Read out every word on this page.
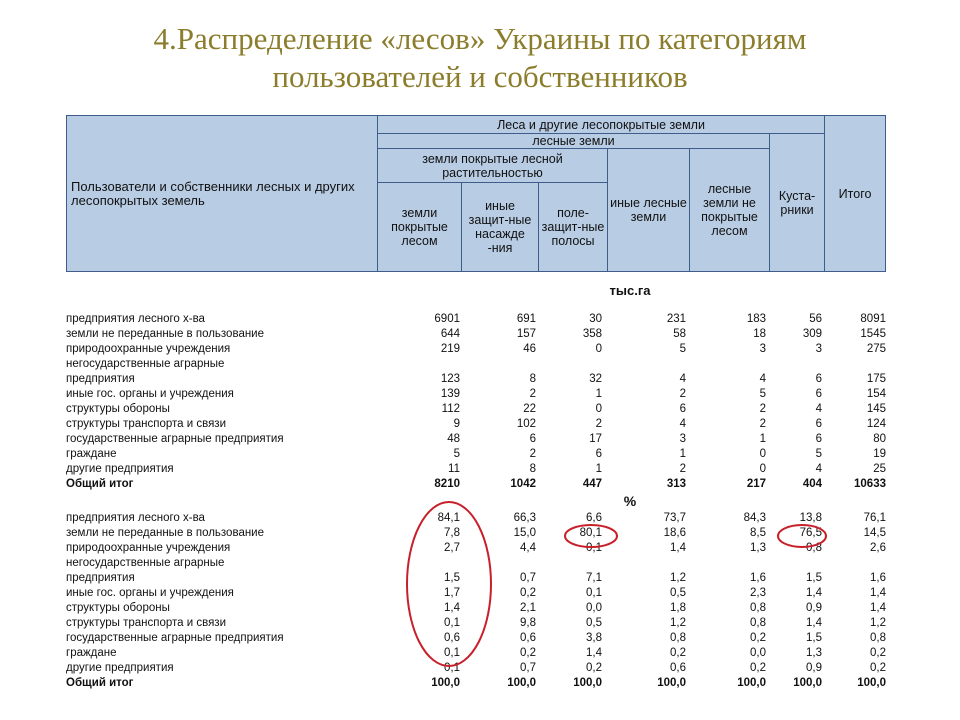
4.Распределение «лесов» Украины по категориям
пользователей и собственников
Пользователи и собственники лесных и других лесопокрытых земель	Леса и другие лесопокрытые земли						Итого
	лесные земли					Куста-рники	
	земли покрытые лесной растительностью			иные лесные земли	лесные земли не покрытые лесом		
	земли покрытые лесом	иные защит-ные насажде -ния	поле-защит-ные полосы				
тыс.га
предприятия лесного х-ва	6901	691	30	231	183	56	8091
земли не переданные в пользование	644	157	358	58	18	309	1545
природоохранные учреждения	219	46	0	5	3	3	275
негосударственные аграрные
предприятия	123	8	32	4	4	6	175
иные гос. органы и учреждения	139	2	1	2	5	6	154
структуры обороны	112	22	0	6	2	4	145
структуры транспорта и связи	9	102	2	4	2	6	124
государственные аграрные предприятия	48	6	17	3	1	6	80
граждане	5	2	6	1	0	5	19
другие предприятия	11	8	1	2	0	4	25
Общий итог	8210	1042	447	313	217	404	10633
%
предприятия лесного х-ва	84,1	66,3	6,6	73,7	84,3	13,8	76,1
земли не переданные в пользование	7,8	15,0	80,1	18,6	8,5	76,5	14,5
природоохранные учреждения	2,7	4,4	0,1	1,4	1,3	0,8	2,6
негосударственные аграрные
предприятия	1,5	0,7	7,1	1,2	1,6	1,5	1,6
иные гос. органы и учреждения	1,7	0,2	0,1	0,5	2,3	1,4	1,4
структуры обороны	1,4	2,1	0,0	1,8	0,8	0,9	1,4
структуры транспорта и связи	0,1	9,8	0,5	1,2	0,8	1,4	1,2
государственные аграрные предприятия	0,6	0,6	3,8	0,8	0,2	1,5	0,8
граждане	0,1	0,2	1,4	0,2	0,0	1,3	0,2
другие предприятия	0,1	0,7	0,2	0,6	0,2	0,9	0,2
Общий итог	100,0	100,0	100,0	100,0	100,0 100,0	100,0
